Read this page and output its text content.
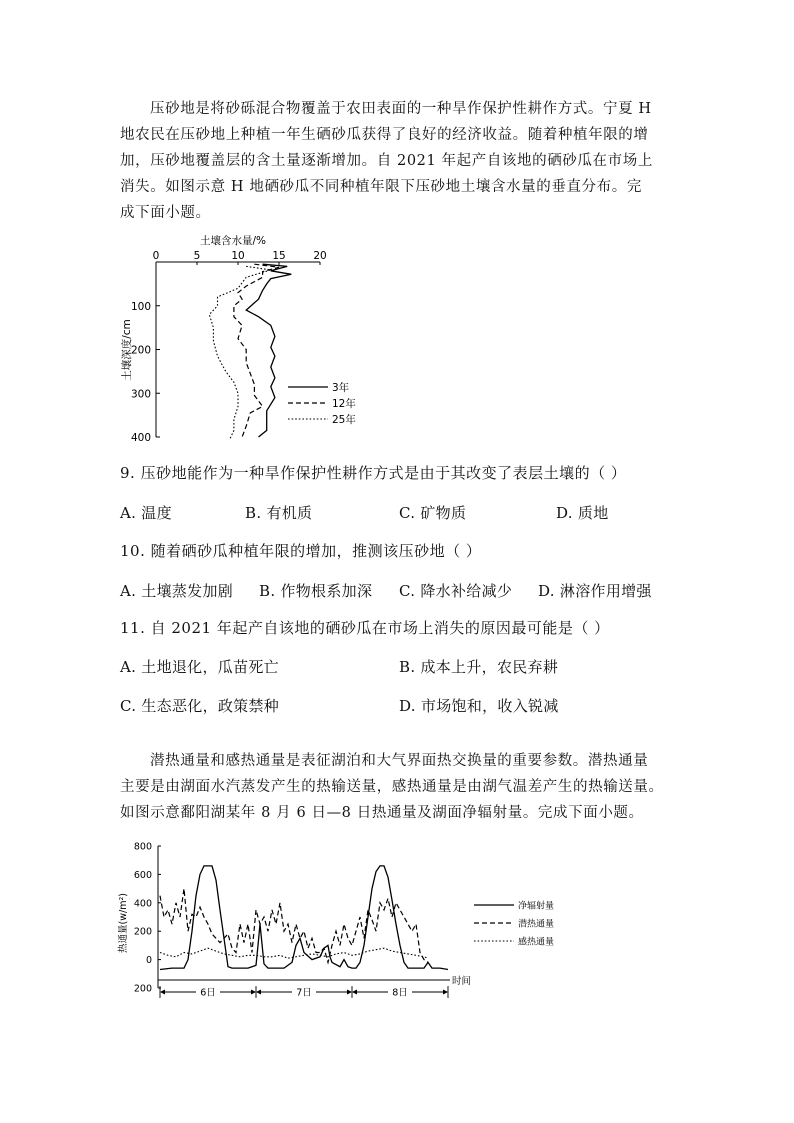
压砂地是将砂砾混合物覆盖于农田表面的一种旱作保护性耕作方式。宁夏 H
地农民在压砂地上种植一年生硒砂瓜获得了良好的经济收益。随着种植年限的增
加，压砂地覆盖层的含土量逐渐增加。自 2021 年起产自该地的硒砂瓜在市场上
消失。如图示意 H 地硒砂瓜不同种植年限下压砂地土壤含水量的垂直分布。完
成下面小题。
土壤含水量/%
0	5	10	15	20
100
200
300
400
土壤深度/cm
3年
12年
25年
9. 压砂地能作为一种旱作保护性耕作方式是由于其改变了表层土壤的（ ）
A. 温度	B. 有机质	C. 矿物质	D. 质地
10. 随着硒砂瓜种植年限的增加，推测该压砂地（ ）
A. 土壤蒸发加剧 B. 作物根系加深 C. 降水补给减少 D. 淋溶作用增强
11. 自 2021 年起产自该地的硒砂瓜在市场上消失的原因最可能是（ ）
A. 土地退化，瓜苗死亡	B. 成本上升，农民弃耕
C. 生态恶化，政策禁种	D. 市场饱和，收入锐减
潜热通量和感热通量是表征湖泊和大气界面热交换量的重要参数。潜热通量
主要是由湖面水汽蒸发产生的热输送量，感热通量是由湖气温差产生的热输送量。
如图示意鄱阳湖某年 8 月 6 日—8 日热通量及湖面净辐射量。完成下面小题。
800
600
400
200
0
200
热通量(w/m²)
6日	7日	8日
时间
净辐射量
潜热通量
感热通量
